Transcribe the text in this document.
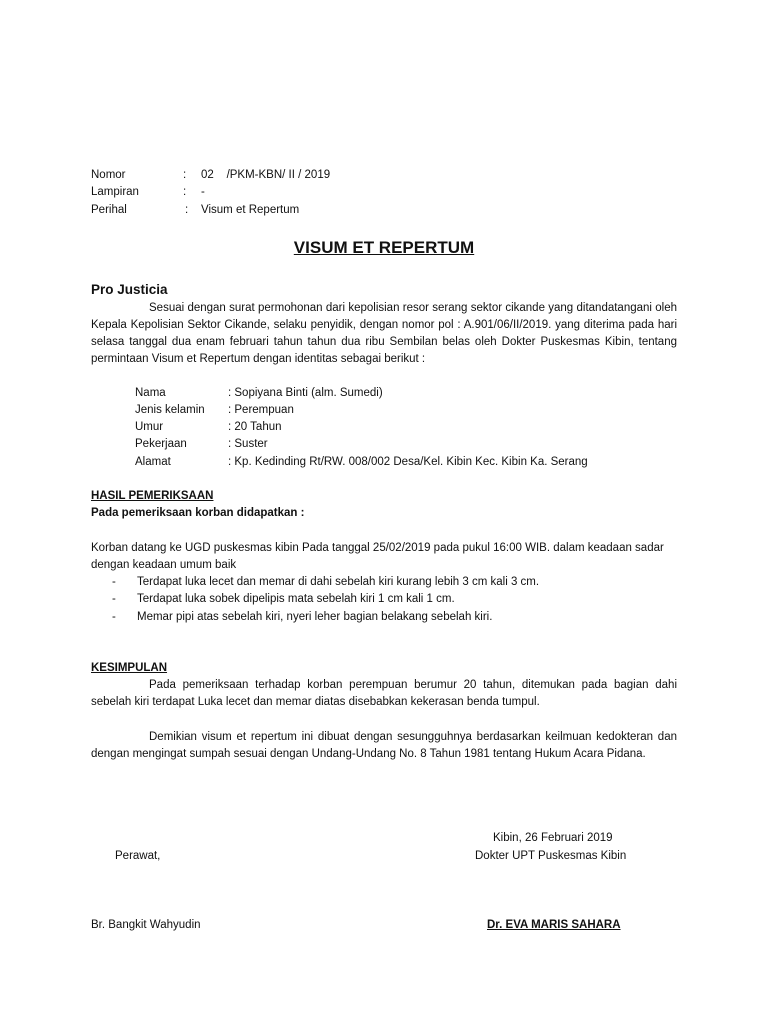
Nomor	: 02    /PKM-KBN/ II / 2019
Lampiran	: -
Perihal	: Visum et Repertum
VISUM ET REPERTUM
Pro Justicia
Sesuai dengan surat permohonan dari kepolisian resor serang sektor cikande yang ditandatangani oleh Kepala Kepolisian Sektor Cikande, selaku penyidik, dengan nomor pol : A.901/06/II/2019. yang diterima pada hari selasa tanggal dua enam februari tahun tahun dua ribu Sembilan belas oleh Dokter Puskesmas Kibin, tentang permintaan Visum et Repertum dengan identitas sebagai berikut :
Nama	: Sopiyana Binti (alm. Sumedi)
Jenis kelamin : Perempuan
Umur	: 20 Tahun
Pekerjaan	: Suster
Alamat	: Kp. Kedinding Rt/RW. 008/002 Desa/Kel. Kibin Kec. Kibin Ka. Serang
HASIL PEMERIKSAAN
Pada pemeriksaan korban didapatkan :
Korban datang ke UGD puskesmas kibin Pada tanggal 25/02/2019 pada pukul 16:00 WIB. dalam keadaan sadar dengan keadaan umum baik
- Terdapat luka lecet dan memar di dahi sebelah kiri kurang lebih 3 cm kali 3 cm.
- Terdapat luka sobek dipelipis mata sebelah kiri 1 cm kali 1 cm.
- Memar pipi atas sebelah kiri, nyeri leher bagian belakang sebelah kiri.
KESIMPULAN
Pada pemeriksaan terhadap korban perempuan berumur 20 tahun, ditemukan pada bagian dahi sebelah kiri terdapat Luka lecet dan memar diatas disebabkan kekerasan benda tumpul.
Demikian visum et repertum ini dibuat dengan sesungguhnya berdasarkan keilmuan kedokteran dan dengan mengingat sumpah sesuai dengan Undang-Undang No. 8 Tahun 1981 tentang Hukum Acara Pidana.
Kibin, 26 Februari 2019
Perawat,	Dokter UPT Puskesmas Kibin
Br. Bangkit Wahyudin	Dr. EVA MARIS SAHARA
